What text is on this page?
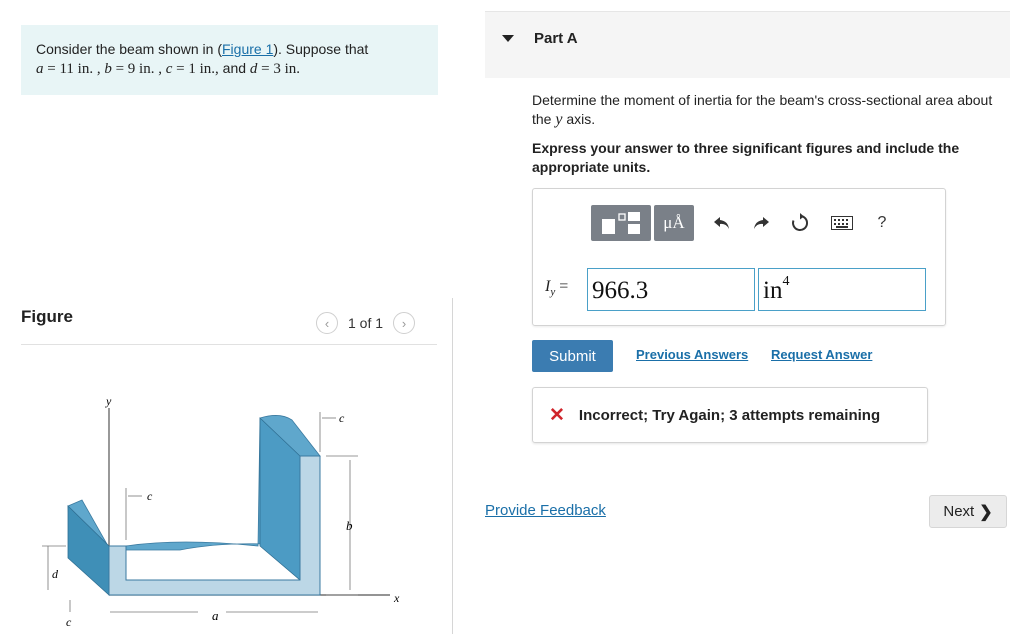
Consider the beam shown in (Figure 1). Suppose that
a = 11 in. , b = 9 in. , c = 1 in., and d = 3 in.
Figure	‹ 1 of 1 ›
y
x
c
b
c
d
c	a
Part A
Determine the moment of inertia for the beam's cross-sectional area about the y axis.
Express your answer to three significant figures and include the appropriate units.
μÅ	?
$I_y = 966.3$	$in^4$
Submit	Previous Answers Request Answer
✕ Incorrect; Try Again; 3 attempts remaining
Provide Feedback	Next ❯
